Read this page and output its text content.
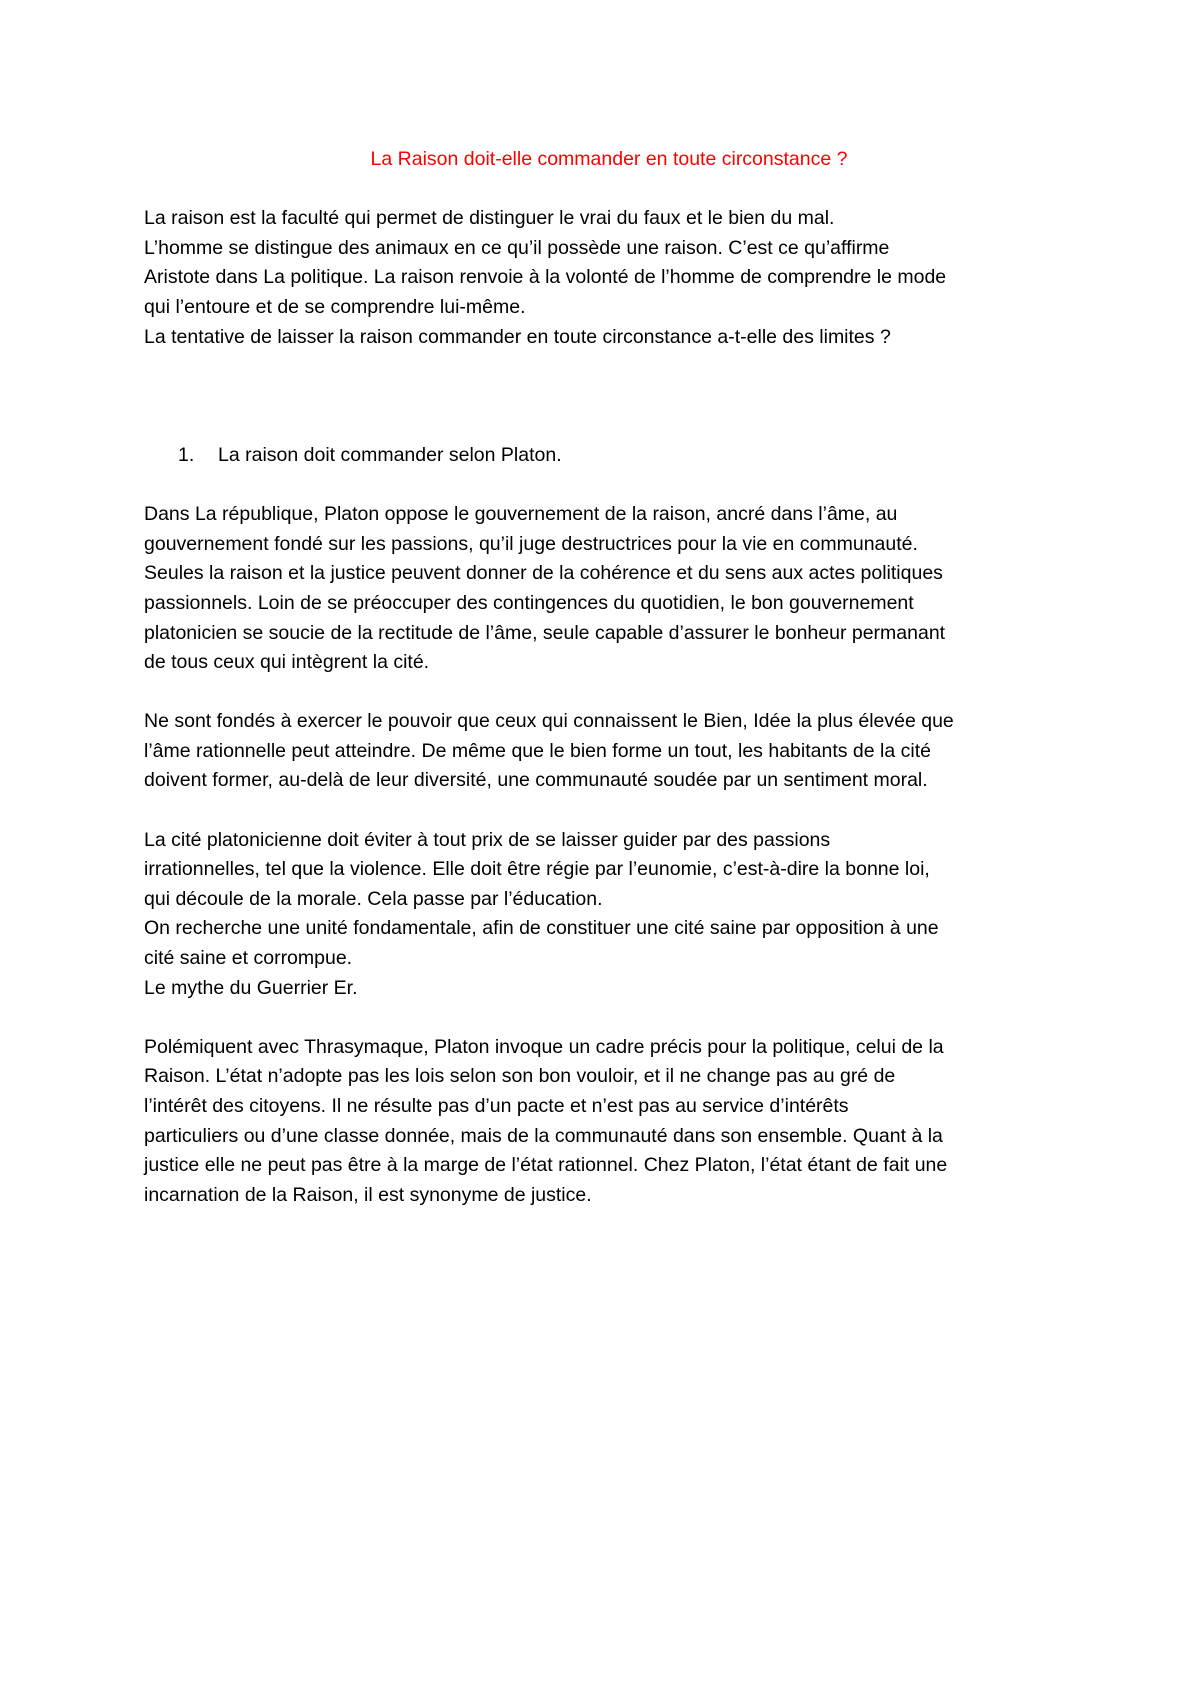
La Raison doit-elle commander en toute circonstance ?

La raison est la faculté qui permet de distinguer le vrai du faux et le bien du mal.
L’homme se distingue des animaux en ce qu’il possède une raison. C’est ce qu’affirme
Aristote dans La politique. La raison renvoie à la volonté de l’homme de comprendre le mode
qui l’entoure et de se comprendre lui-même.
La tentative de laisser la raison commander en toute circonstance a-t-elle des limites ?

1. La raison doit commander selon Platon.

Dans La république, Platon oppose le gouvernement de la raison, ancré dans l’âme, au
gouvernement fondé sur les passions, qu’il juge destructrices pour la vie en communauté.
Seules la raison et la justice peuvent donner de la cohérence et du sens aux actes politiques
passionnels. Loin de se préoccuper des contingences du quotidien, le bon gouvernement
platonicien se soucie de la rectitude de l’âme, seule capable d’assurer le bonheur permanant
de tous ceux qui intègrent la cité.

Ne sont fondés à exercer le pouvoir que ceux qui connaissent le Bien, Idée la plus élevée que
l’âme rationnelle peut atteindre. De même que le bien forme un tout, les habitants de la cité
doivent former, au-delà de leur diversité, une communauté soudée par un sentiment moral.

La cité platonicienne doit éviter à tout prix de se laisser guider par des passions
irrationnelles, tel que la violence. Elle doit être régie par l’eunomie, c’est-à-dire la bonne loi,
qui découle de la morale. Cela passe par l’éducation.
On recherche une unité fondamentale, afin de constituer une cité saine par opposition à une
cité saine et corrompue.
Le mythe du Guerrier Er.

Polémiquent avec Thrasymaque, Platon invoque un cadre précis pour la politique, celui de la
Raison. L’état n’adopte pas les lois selon son bon vouloir, et il ne change pas au gré de
l’intérêt des citoyens. Il ne résulte pas d’un pacte et n’est pas au service d’intérêts
particuliers ou d’une classe donnée, mais de la communauté dans son ensemble. Quant à la
justice elle ne peut pas être à la marge de l’état rationnel. Chez Platon, l’état étant de fait une
incarnation de la Raison, il est synonyme de justice.
